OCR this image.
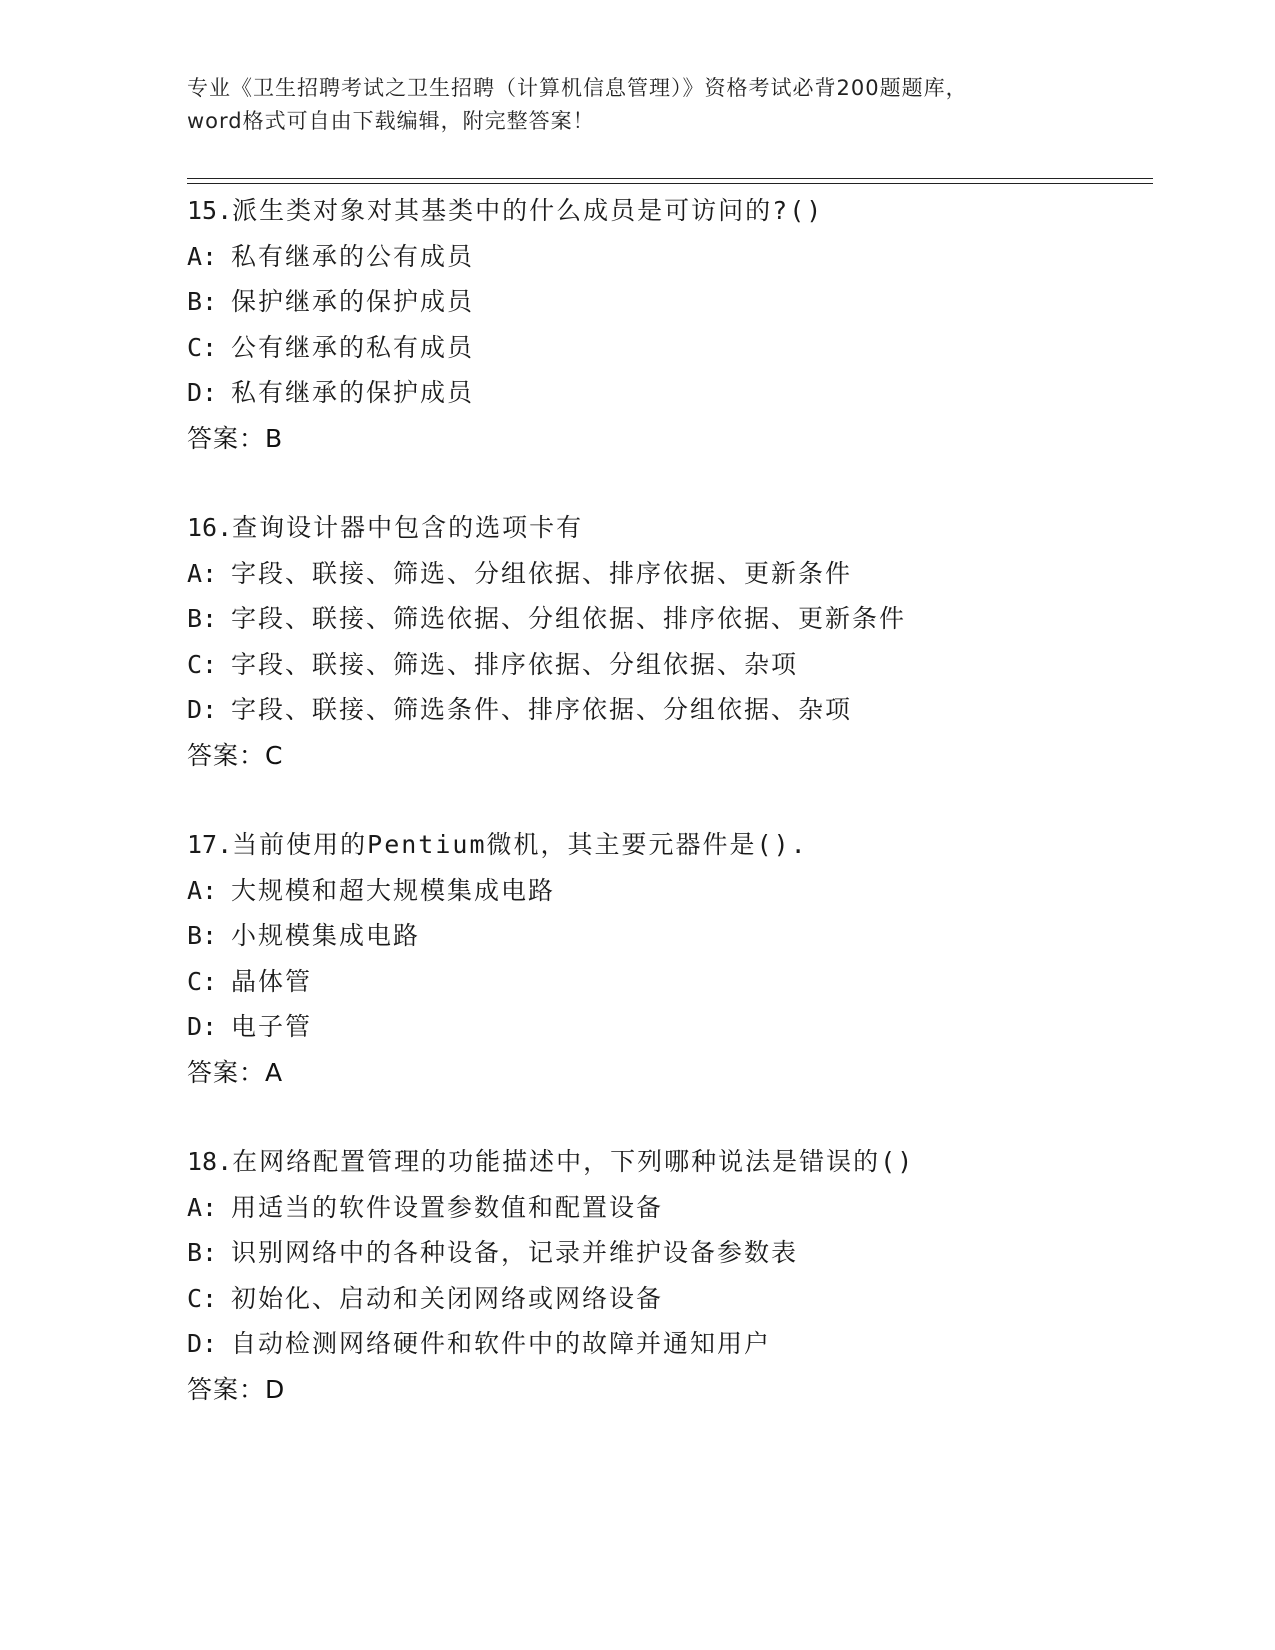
专业《卫生招聘考试之卫生招聘（计算机信息管理）》资格考试必背200题题库，
word格式可自由下载编辑，附完整答案！
15.派生类对象对其基类中的什么成员是可访问的?()
A: 私有继承的公有成员
B: 保护继承的保护成员
C: 公有继承的私有成员
D: 私有继承的保护成员
答案：B
16.查询设计器中包含的选项卡有
A: 字段、联接、筛选、分组依据、排序依据、更新条件
B: 字段、联接、筛选依据、分组依据、排序依据、更新条件
C: 字段、联接、筛选、排序依据、分组依据、杂项
D: 字段、联接、筛选条件、排序依据、分组依据、杂项
答案：C
17.当前使用的Pentium微机，其主要元器件是().
A: 大规模和超大规模集成电路
B: 小规模集成电路
C: 晶体管
D: 电子管
答案：A
18.在网络配置管理的功能描述中，下列哪种说法是错误的()
A: 用适当的软件设置参数值和配置设备
B: 识别网络中的各种设备，记录并维护设备参数表
C: 初始化、启动和关闭网络或网络设备
D: 自动检测网络硬件和软件中的故障并通知用户
答案：D
